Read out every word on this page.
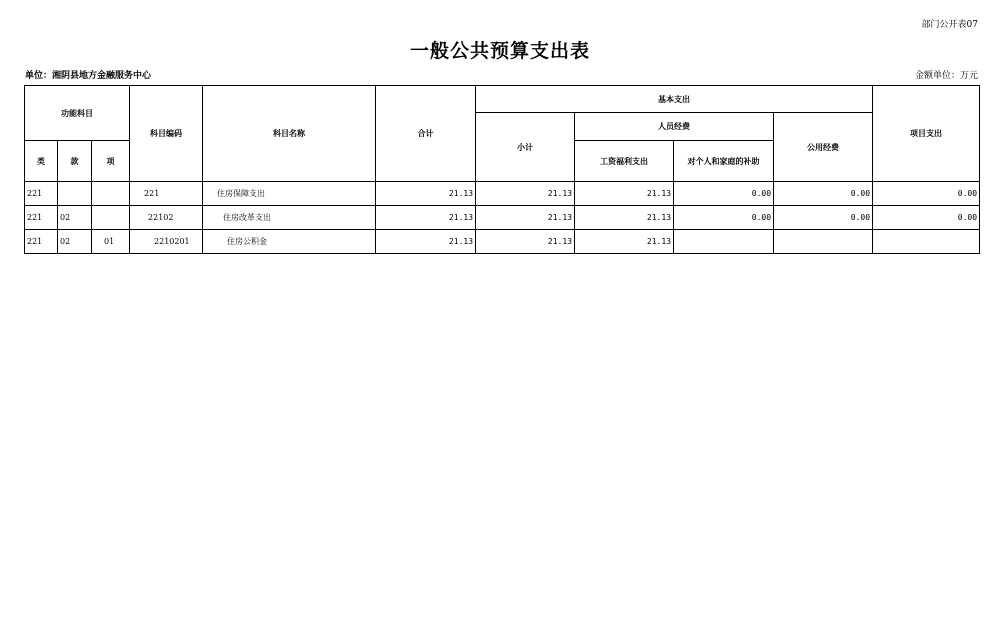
部门公开表07
一般公共预算支出表
单位：湘阴县地方金融服务中心	金额单位：万元
功能科目			科目编码	科目名称	合计	基本支出				项目支出
						小计	人员经费		公用经费	
类	款	项					工资福利支出	对个人和家庭的补助		
221			221	住房保障支出	21.13	21.13	21.13	0.00	0.00	0.00
221	02		22102	住房改革支出	21.13	21.13	21.13	0.00	0.00	0.00
221	02	01	2210201	住房公积金	21.13	21.13	21.13			
